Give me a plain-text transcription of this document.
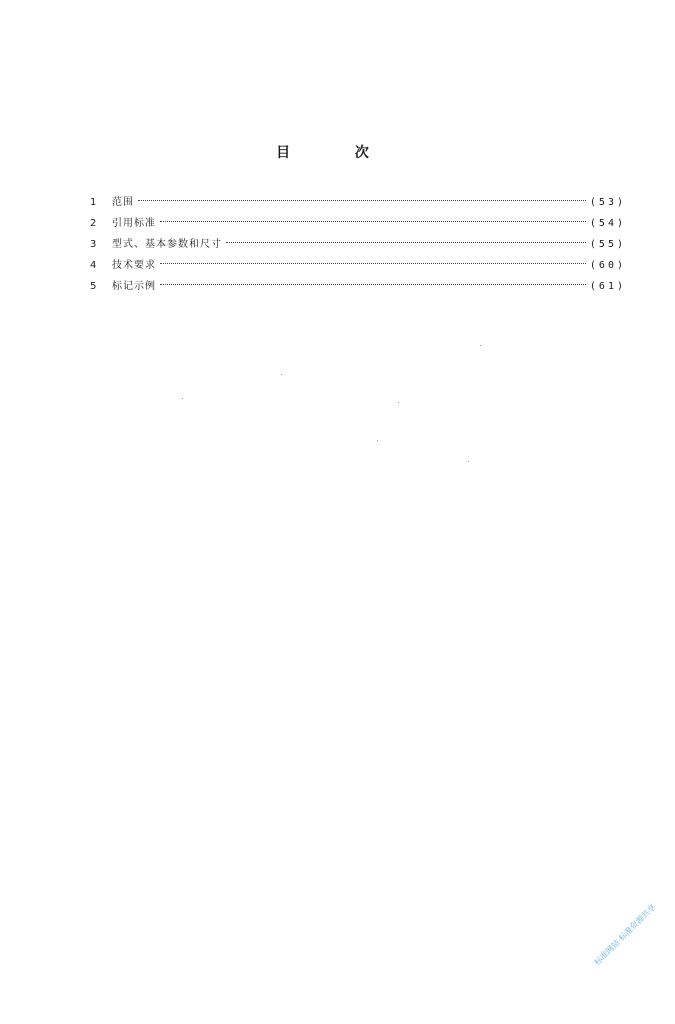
目 次
1	范围	(53)
2	引用标准	(54)
3	型式、基本参数和尺寸	(55)
4	技术要求	(60)
5	标记示例	(61)
标准网站·标准资源共享
